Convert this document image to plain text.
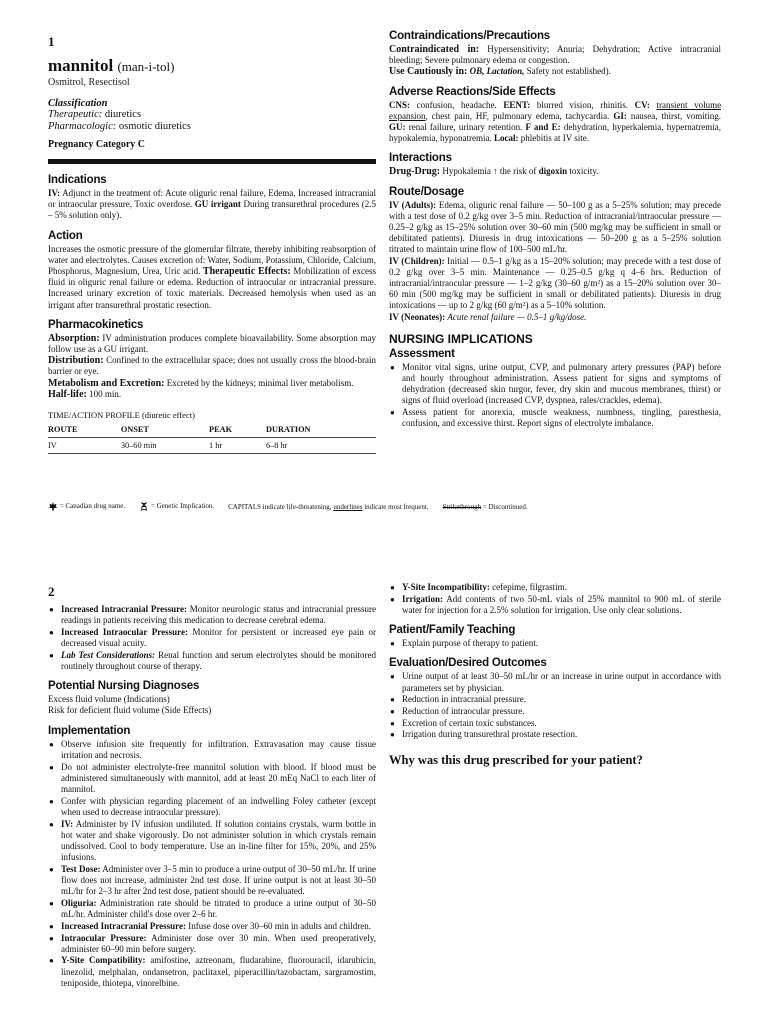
1

mannitol (man-i-tol)

Osmitrol, Resectisol

Classification

Therapeutic: diuretics

Pharmacologic: osmotic diuretics

Pregnancy Category C

Indications

IV: Adjunct in the treatment of: Acute oliguric renal failure, Edema, Increased intracranial or intraocular pressure, Toxic overdose. GU irrigant During transurethral procedures (2.5 – 5% solution only).

Action

Increases the osmotic pressure of the glomerular filtrate, thereby inhibiting reabsorption of water and electrolytes. Causes excretion of: Water, Sodium, Potassium, Chloride, Calcium, Phosphorus, Magnesium, Urea, Uric acid. Therapeutic Effects: Mobilization of excess fluid in oliguric renal failure or edema. Reduction of intraocular or intracranial pressure. Increased urinary excretion of toxic materials. Decreased hemolysis when used as an irrigant after transurethral prostatic resection.

Pharmacokinetics

Absorption: IV administration produces complete bioavailability. Some absorption may follow use as a GU irrigant.

Distribution: Confined to the extracellular space; does not usually cross the blood-brain barrier or eye.

Metabolism and Excretion: Excreted by the kidneys; minimal liver metabolism.

Half-life: 100 min.

TIME/ACTION PROFILE (diuretic effect)

ROUTE	ONSET	PEAK	DURATION
IV	30–60 min	1 hr	6–8 hr
Contraindications/Precautions

Contraindicated in: Hypersensitivity; Anuria; Dehydration; Active intracranial bleeding; Severe pulmonary edema or congestion.

Use Cautiously in: OB, Lactation, Safety not established).

Adverse Reactions/Side Effects

CNS: confusion, headache. EENT: blurred vision, rhinitis. CV: transient volume expansion, chest pain, HF, pulmonary edema, tachycardia. GI: nausea, thirst, vomiting. GU: renal failure, urinary retention. F and E: dehydration, hyperkalemia, hypernatremia, hypokalemia, hyponatremia. Local: phlebitis at IV site.

Interactions

Drug-Drug: Hypokalemia ↑ the risk of digoxin toxicity.

Route/Dosage

IV (Adults): Edema, oliguric renal failure — 50–100 g as a 5–25% solution; may precede with a test dose of 0.2 g/kg over 3–5 min. Reduction of intracranial/intraocular pressure — 0.25–2 g/kg as 15–25% solution over 30–60 min (500 mg/kg may be sufficient in small or debilitated patients). Diuresis in drug intoxications — 50–200 g as a 5–25% solution titrated to maintain urine flow of 100–500 mL/hr.

IV (Children): Initial — 0.5–1 g/kg as a 15–20% solution; may precede with a test dose of 0.2 g/kg over 3–5 min. Maintenance — 0.25–0.5 g/kg q 4–6 hrs. Reduction of intracranial/intraocular pressure — 1–2 g/kg (30–60 g/m²) as a 15–20% solution over 30–60 min (500 mg/kg may be sufficient in small or debilitated patients). Diuresis in drug intoxications — up to 2 g/kg (60 g/m²) as a 5–10% solution.

IV (Neonates): Acute renal failure — 0.5–1 g/kg/dose.

NURSING IMPLICATIONS
Assessment
● Monitor vital signs, urine output, CVP, and pulmonary artery pressures (PAP) before and hourly throughout administration. Assess patient for signs and symptoms of dehydration (decreased skin turgor, fever, dry skin and mucous membranes, thirst) or signs of fluid overload (increased CVP, dyspnea, rales/crackles, edema).
● Assess patient for anorexia, muscle weakness, numbness, tingling, paresthesia, confusion, and excessive thirst. Report signs of electrolyte imbalance.
= Canadian drug name.	= Genetic Implication. CAPITALS indicate life-threatening, underlines indicate most frequent. Strikethrough = Discontinued.
2
● Increased Intracranial Pressure: Monitor neurologic status and intracranial pressure readings in patients receiving this medication to decrease cerebral edema.
● Increased Intraocular Pressure: Monitor for persistent or increased eye pain or decreased visual acuity.
● Lab Test Considerations: Renal function and serum electrolytes should be monitored routinely throughout course of therapy.
Potential Nursing Diagnoses

Excess fluid volume (Indications)

Risk for deficient fluid volume (Side Effects)

Implementation
● Observe infusion site frequently for infiltration. Extravasation may cause tissue irritation and necrosis.
● Do not administer electrolyte-free mannitol solution with blood. If blood must be administered simultaneously with mannitol, add at least 20 mEq NaCl to each liter of mannitol.
● Confer with physician regarding placement of an indwelling Foley catheter (except when used to decrease intraocular pressure).
● IV: Administer by IV infusion undiluted. If solution contains crystals, warm bottle in hot water and shake vigorously. Do not administer solution in which crystals remain undissolved. Cool to body temperature. Use an in-line filter for 15%, 20%, and 25% infusions.
● Test Dose: Administer over 3–5 min to produce a urine output of 30–50 mL/hr. If urine flow does not increase, administer 2nd test dose. If urine output is not at least 30–50 mL/hr for 2–3 hr after 2nd test dose, patient should be re-evaluated.
● Oliguria: Administration rate should be titrated to produce a urine output of 30–50 mL/hr. Administer child's dose over 2–6 hr.
● Increased Intracranial Pressure: Infuse dose over 30–60 min in adults and children.
● Intraocular Pressure: Administer dose over 30 min. When used preoperatively, administer 60–90 min before surgery.
● Y-Site Compatibility: amifostine, aztreonam, fludarabine, fluorouracil, idarubicin, linezolid, melphalan, ondansetron, paclitaxel, piperacillin/tazobactam, sargramostim, teniposide, thiotepa, vinorelbine.
● Y-Site Incompatibility: cefepime, filgrastim.
● Irrigation: Add contents of two 50-mL vials of 25% mannitol to 900 mL of sterile water for injection for a 2.5% solution for irrigation. Use only clear solutions.
Patient/Family Teaching
● Explain purpose of therapy to patient.
Evaluation/Desired Outcomes
● Urine output of at least 30–50 mL/hr or an increase in urine output in accordance with parameters set by physician.
● Reduction in intracranial pressure.
● Reduction of intraocular pressure.
● Excretion of certain toxic substances.
● Irrigation during transurethral prostate resection.

Why was this drug prescribed for your patient?
